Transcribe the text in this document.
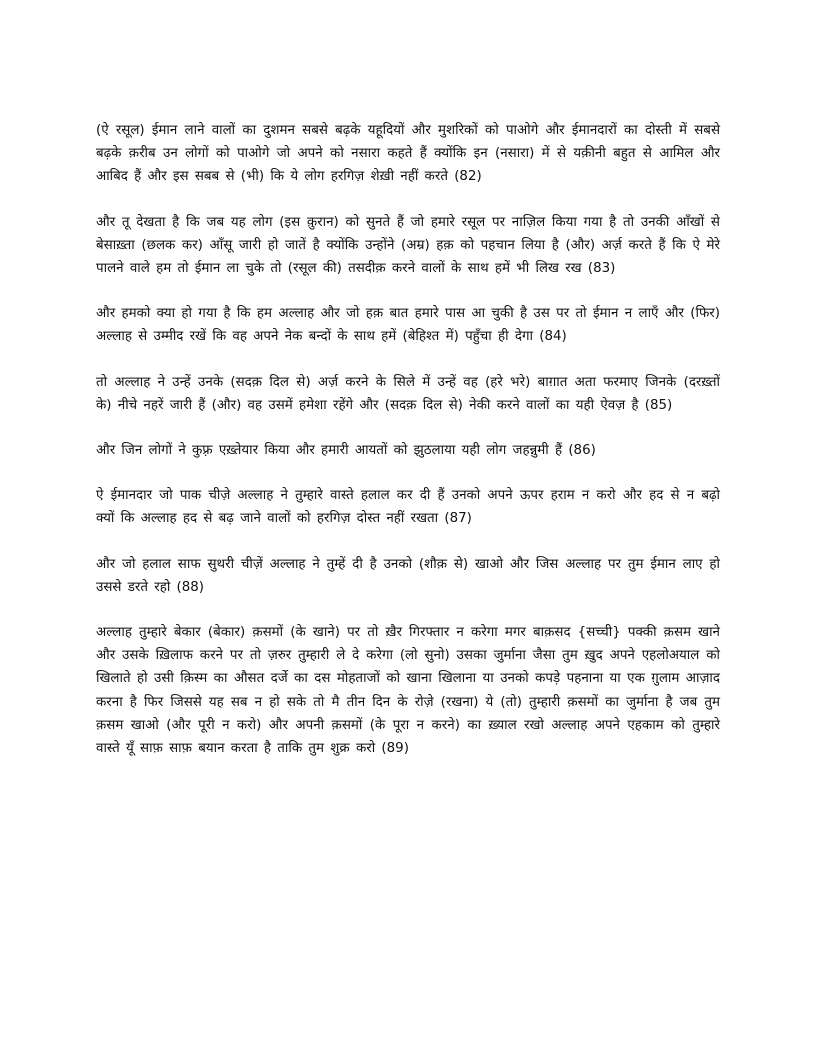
(ऐ रसूल) ईमान लाने वालों का दुशमन सबसे बढ़के यहूदियों और मुशरिकों को पाओगे और ईमानदारों का दोस्ती में सबसे बढ़के क़रीब उन लोगों को पाओगे जो अपने को नसारा कहते हैं क्योंकि इन (नसारा) में से यक़ीनी बहुत से आमिल और आबिद हैं और इस सबब से (भी) कि ये लोग हरगिज़ शेख़ी नहीं करते (82)

और तू देखता है कि जब यह लोग (इस क़ुरान) को सुनते हैं जो हमारे रसूल पर नाज़िल किया गया है तो उनकी आँखों से बेसाख़्ता (छलक कर) आँसू जारी हो जातें है क्योंकि उन्होंने (अम्र) हक़ को पहचान लिया है (और) अर्ज़ करते हैं कि ऐ मेरे पालने वाले हम तो ईमान ला चुके तो (रसूल की) तसदीक़ करने वालों के साथ हमें भी लिख रख (83)

और हमको क्या हो गया है कि हम अल्लाह और जो हक़ बात हमारे पास आ चुकी है उस पर तो ईमान न लाएँ और (फिर) अल्लाह से उम्मीद रखें कि वह अपने नेक बन्दों के साथ हमें (बेहिश्त में) पहुँचा ही देगा (84)

तो अल्लाह ने उन्हें उनके (सदक़ दिल से) अर्ज़ करने के सिले में उन्हें वह (हरे भरे) बाग़ात अता फरमाए जिनके (दरख़्तों के) नीचे नहरें जारी हैं (और) वह उसमें हमेशा रहेंगे और (सदक़ दिल से) नेकी करने वालों का यही ऐवज़ है (85)

और जिन लोगों ने कुफ़्र एख़्तेयार किया और हमारी आयतों को झुठलाया यही लोग जहन्नुमी हैं (86)

ऐ ईमानदार जो पाक चीज़े अल्लाह ने तुम्हारे वास्ते हलाल कर दी हैं उनको अपने ऊपर हराम न करो और हद से न बढ़ो क्यों कि अल्लाह हद से बढ़ जाने वालों को हरगिज़ दोस्त नहीं रखता (87)

और जो हलाल साफ सुथरी चीज़ें अल्लाह ने तुम्हें दी है उनको (शौक़ से) खाओ और जिस अल्लाह पर तुम ईमान लाए हो उससे डरते रहो (88)

अल्लाह तुम्हारे बेकार (बेकार) क़समों (के खाने) पर तो ख़ैर गिरफ्तार न करेगा मगर बाक़सद {सच्ची} पक्की क़सम खाने और उसके ख़िलाफ करने पर तो ज़रुर तुम्हारी ले दे करेगा (लो सुनो) उसका जुर्माना जैसा तुम ख़ुद अपने एहलोअयाल को खिलाते हो उसी क़िस्म का औसत दर्जे का दस मोहताजों को खाना खिलाना या उनको कपड़े पहनाना या एक ग़ुलाम आज़ाद करना है फिर जिससे यह सब न हो सके तो मै तीन दिन के रोज़े (रखना) ये (तो) तुम्हारी क़समों का जुर्माना है जब तुम क़सम खाओ (और पूरी न करो) और अपनी क़समों (के पूरा न करने) का ख़्याल रखो अल्लाह अपने एहकाम को तुम्हारे वास्ते यूँ साफ़ साफ़ बयान करता है ताकि तुम शुक्र करो (89)
